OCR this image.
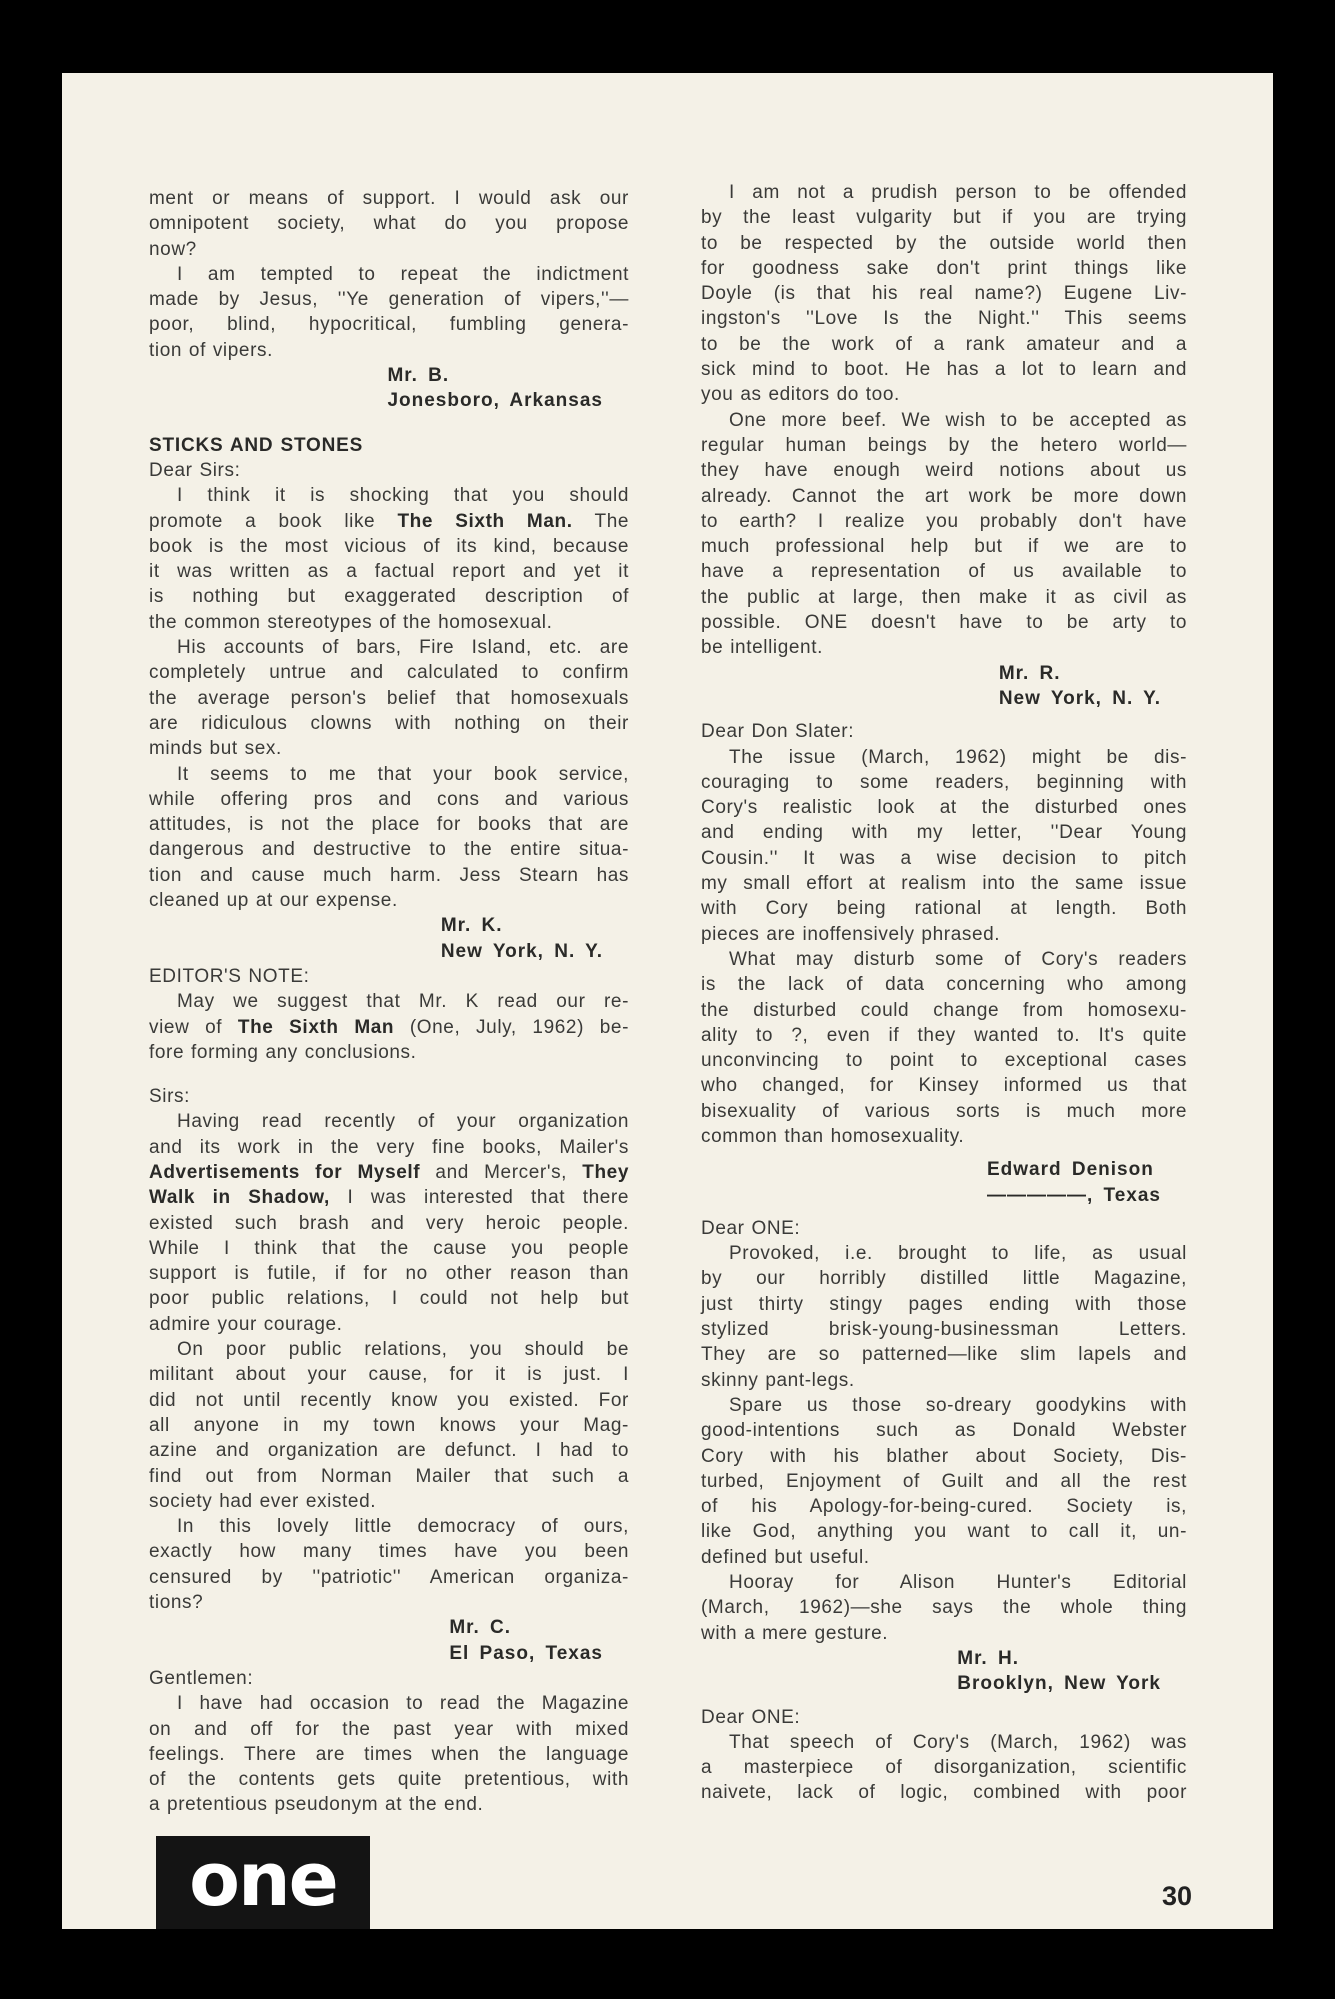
ment or means of support. I would ask our
omnipotent society, what do you propose
now?
I am tempted to repeat the indictment
made by Jesus, ''Ye generation of vipers,''—
poor, blind, hypocritical, fumbling genera-
tion of vipers.
Mr. B.
Jonesboro, Arkansas
STICKS AND STONES
Dear Sirs:
I think it is shocking that you should
promote a book like The Sixth Man. The
book is the most vicious of its kind, because
it was written as a factual report and yet it
is nothing but exaggerated description of
the common stereotypes of the homosexual.
His accounts of bars, Fire Island, etc. are
completely untrue and calculated to confirm
the average person's belief that homosexuals
are ridiculous clowns with nothing on their
minds but sex.
It seems to me that your book service,
while offering pros and cons and various
attitudes, is not the place for books that are
dangerous and destructive to the entire situa-
tion and cause much harm. Jess Stearn has
cleaned up at our expense.
Mr. K.
New York, N. Y.
EDITOR'S NOTE:
May we suggest that Mr. K read our re-
view of The Sixth Man (One, July, 1962) be-
fore forming any conclusions.
Sirs:
Having read recently of your organization
and its work in the very fine books, Mailer's
Advertisements for Myself and Mercer's, They
Walk in Shadow, I was interested that there
existed such brash and very heroic people.
While I think that the cause you people
support is futile, if for no other reason than
poor public relations, I could not help but
admire your courage.
On poor public relations, you should be
militant about your cause, for it is just. I
did not until recently know you existed. For
all anyone in my town knows your Mag-
azine and organization are defunct. I had to
find out from Norman Mailer that such a
society had ever existed.
In this lovely little democracy of ours,
exactly how many times have you been
censured by ''patriotic'' American organiza-
tions?
Mr. C.
El Paso, Texas
Gentlemen:
I have had occasion to read the Magazine
on and off for the past year with mixed
feelings. There are times when the language
of the contents gets quite pretentious, with
a pretentious pseudonym at the end.
I am not a prudish person to be offended
by the least vulgarity but if you are trying
to be respected by the outside world then
for goodness sake don't print things like
Doyle (is that his real name?) Eugene Liv-
ingston's ''Love Is the Night.'' This seems
to be the work of a rank amateur and a
sick mind to boot. He has a lot to learn and
you as editors do too.
One more beef. We wish to be accepted as
regular human beings by the hetero world—
they have enough weird notions about us
already. Cannot the art work be more down
to earth? I realize you probably don't have
much professional help but if we are to
have a representation of us available to
the public at large, then make it as civil as
possible. ONE doesn't have to be arty to
be intelligent.
Mr. R.
New York, N. Y.
Dear Don Slater:
The issue (March, 1962) might be dis-
couraging to some readers, beginning with
Cory's realistic look at the disturbed ones
and ending with my letter, ''Dear Young
Cousin.'' It was a wise decision to pitch
my small effort at realism into the same issue
with Cory being rational at length. Both
pieces are inoffensively phrased.
What may disturb some of Cory's readers
is the lack of data concerning who among
the disturbed could change from homosexu-
ality to ?, even if they wanted to. It's quite
unconvincing to point to exceptional cases
who changed, for Kinsey informed us that
bisexuality of various sorts is much more
common than homosexuality.
Edward Denison
—————, Texas
Dear ONE:
Provoked, i.e. brought to life, as usual
by our horribly distilled little Magazine,
just thirty stingy pages ending with those
stylized brisk-young-businessman Letters.
They are so patterned—like slim lapels and
skinny pant-legs.
Spare us those so-dreary goodykins with
good-intentions such as Donald Webster
Cory with his blather about Society, Dis-
turbed, Enjoyment of Guilt and all the rest
of his Apology-for-being-cured. Society is,
like God, anything you want to call it, un-
defined but useful.
Hooray for Alison Hunter's Editorial
(March, 1962)—she says the whole thing
with a mere gesture.
Mr. H.
Brooklyn, New York
Dear ONE:
That speech of Cory's (March, 1962) was
a masterpiece of disorganization, scientific
naivete, lack of logic, combined with poor
one	30
